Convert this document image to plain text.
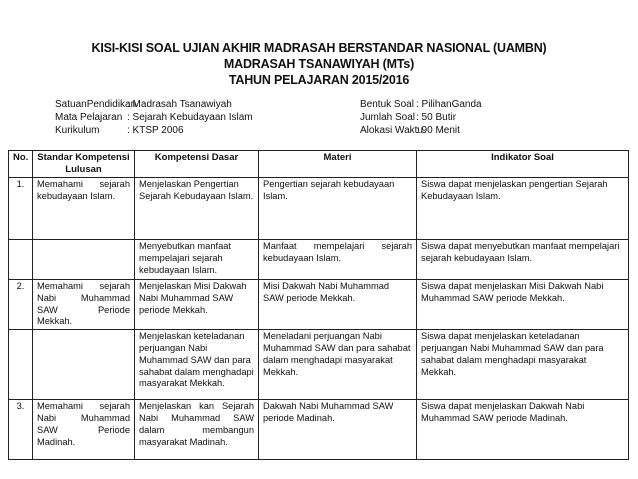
KISI-KISI SOAL UJIAN AKHIR MADRASAH BERSTANDAR NASIONAL (UAMBN)
MADRASAH TSANAWIYAH (MTs)
TAHUN PELAJARAN 2015/2016
SatuanPendidikan
: Madrasah Tsanawiyah
Mata Pelajaran : Sejarah Kebudayaan Islam
Kurikulum	: KTSP 2006
Bentuk Soal : PilihanGanda
Jumlah Soal : 50 Butir
Alokasi Waktu
: 90 Menit
No.	Standar Kompetensi Lulusan	Kompetensi Dasar	Materi	Indikator Soal
1.	Memahami sejarah kebudayaan Islam.	Menjelaskan Pengertian Sejarah Kebudayaan Islam.	Pengertian sejarah kebudayaan Islam.	Siswa dapat menjelaskan pengertian Sejarah Kebudayaan Islam.
		Menyebutkan manfaat mempelajari sejarah kebudayaan Islam.	Manfaat mempelajari sejarah kebudayaan Islam.	Siswa dapat menyebutkan manfaat mempelajari sejarah kebudayaan Islam.
2.	Memahami sejarah Nabi Muhammad SAW Periode Mekkah.	Menjelaskan Misi Dakwah Nabi Muhammad SAW periode Mekkah.	Misi Dakwah Nabi Muhammad SAW periode Mekkah.	Siswa dapat menjelaskan Misi Dakwah Nabi Muhammad SAW periode Mekkah.
		Menjelaskan keteladanan perjuangan Nabi Muhammad SAW dan para sahabat dalam menghadapi masyarakat Mekkah.	Meneladani perjuangan Nabi Muhammad SAW dan para sahabat dalam menghadapi masyarakat Mekkah.	Siswa dapat menjelaskan keteladanan perjuangan Nabi Muhammad SAW dan para sahabat dalam menghadapi masyarakat Mekkah.
3.	Memahami sejarah Nabi Muhammad SAW Periode Madinah.	Menjelaskan kan Sejarah Nabi Muhammad SAW dalam membangun masyarakat Madinah.	Dakwah Nabi Muhammad SAW periode Madinah.	Siswa dapat menjelaskan Dakwah Nabi Muhammad SAW periode Madinah.
